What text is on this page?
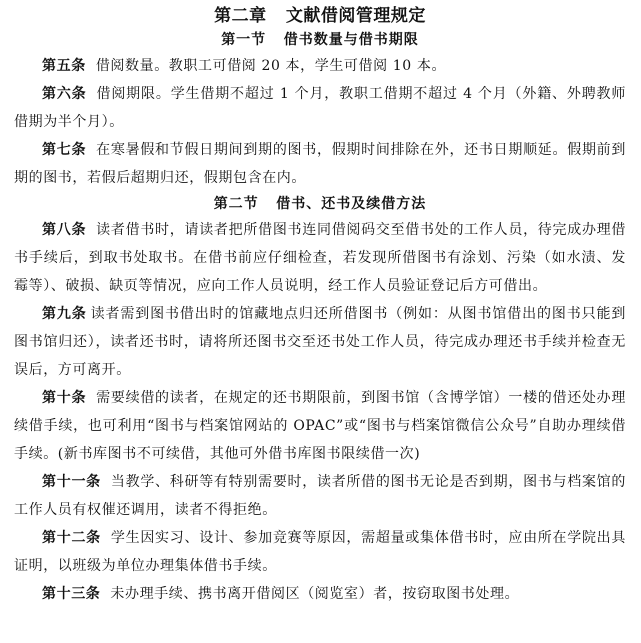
第二章   文献借阅管理规定
第一节   借书数量与借书期限

第五条 借阅数量。教职工可借阅 20 本，学生可借阅 10 本。

第六条 借阅期限。学生借期不超过 1 个月，教职工借期不超过 4 个月（外籍、外聘教师借期为半个月）。

第七条 在寒暑假和节假日期间到期的图书，假期时间排除在外，还书日期顺延。假期前到期的图书，若假后超期归还，假期包含在内。

第二节   借书、还书及续借方法

第八条 读者借书时，请读者把所借图书连同借阅码交至借书处的工作人员，待完成办理借书手续后，到取书处取书。在借书前应仔细检查，若发现所借图书有涂划、污染（如水渍、发霉等）、破损、缺页等情况，应向工作人员说明，经工作人员验证登记后方可借出。

第九条 读者需到图书借出时的馆藏地点归还所借图书（例如：从图书馆借出的图书只能到图书馆归还），读者还书时，请将所还图书交至还书处工作人员，待完成办理还书手续并检查无误后，方可离开。

第十条 需要续借的读者，在规定的还书期限前，到图书馆（含博学馆）一楼的借还处办理续借手续，也可利用“图书与档案馆网站的 OPAC”或“图书与档案馆微信公众号”自助办理续借手续。(新书库图书不可续借，其他可外借书库图书限续借一次)

第十一条 当教学、科研等有特别需要时，读者所借的图书无论是否到期，图书与档案馆的工作人员有权催还调用，读者不得拒绝。

第十二条 学生因实习、设计、参加竞赛等原因，需超量或集体借书时，应由所在学院出具证明，以班级为单位办理集体借书手续。

第十三条 未办理手续、携书离开借阅区（阅览室）者，按窃取图书处理。
